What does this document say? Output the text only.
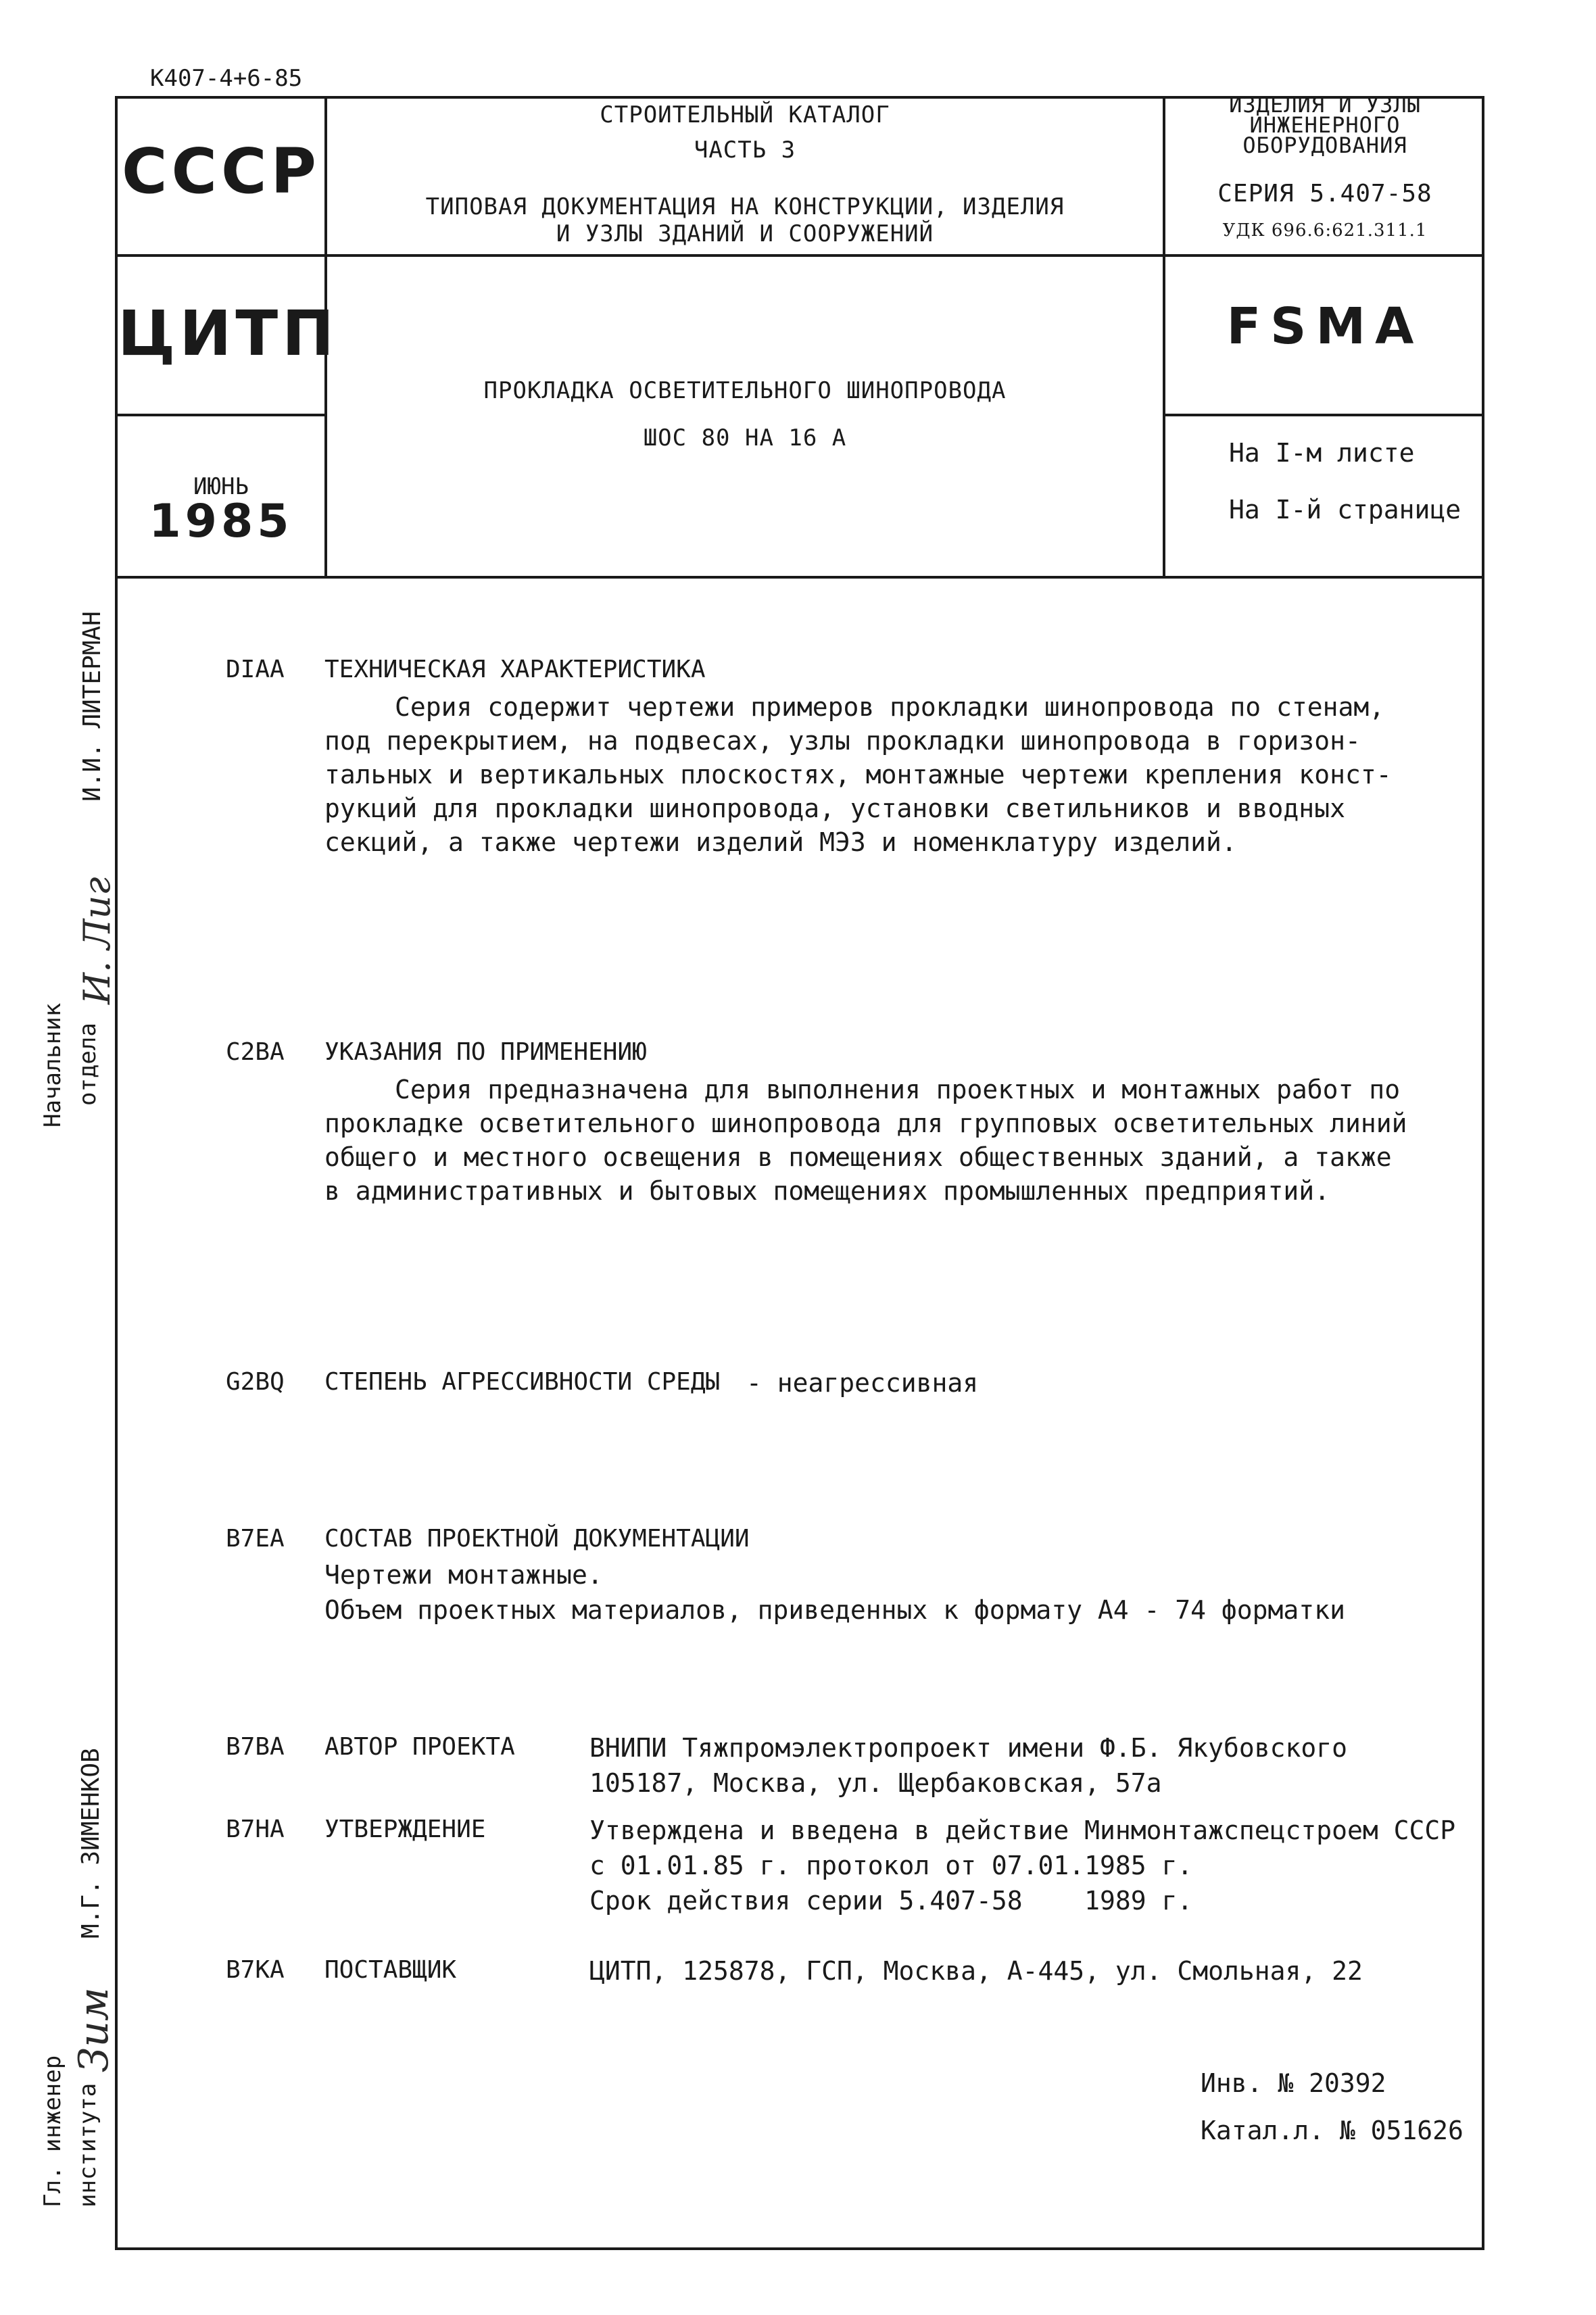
К407-4+6-85
СССР
ЦИТП
ИЮНЬ
1985
СТРОИТЕЛЬНЫЙ КАТАЛОГ
ЧАСТЬ 3
ТИПОВАЯ ДОКУМЕНТАЦИЯ НА КОНСТРУКЦИИ, ИЗДЕЛИЯ
И УЗЛЫ ЗДАНИЙ И СООРУЖЕНИЙ
ПРОКЛАДКА ОСВЕТИТЕЛЬНОГО ШИНОПРОВОДА
ШОС 80 НА 16 А
ИЗДЕЛИЯ И УЗЛЫ
ИНЖЕНЕРНОГО
ОБОРУДОВАНИЯ
СЕРИЯ 5.407-58
УДК 696.6:621.311.1
FSMA
На I-м листе
На I-й странице
DIAA ТЕХНИЧЕСКАЯ ХАРАКТЕРИСТИКА
Серия содержит чертежи примеров прокладки шинопровода по стенам,
под перекрытием, на подвесах, узлы прокладки шинопровода в горизон-
тальных и вертикальных плоскостях, монтажные чертежи крепления конст-
рукций для прокладки шинопровода, установки светильников и вводных
секций, а также чертежи изделий МЭЗ и номенклатуру изделий.
C2BA УКАЗАНИЯ ПО ПРИМЕНЕНИЮ
Серия предназначена для выполнения проектных и монтажных работ по
прокладке осветительного шинопровода для групповых осветительных линий
общего и местного освещения в помещениях общественных зданий, а также
в административных и бытовых помещениях промышленных предприятий.
G2BQ СТЕПЕНЬ АГРЕССИВНОСТИ СРЕДЫ - неагрессивная
B7EA СОСТАВ ПРОЕКТНОЙ ДОКУМЕНТАЦИИ
Чертежи монтажные.
Объем проектных материалов, приведенных к формату А4 - 74 форматки
B7BA АВТОР ПРОЕКТА	ВНИПИ Тяжпромэлектропроект имени Ф.Б. Якубовского
105187, Москва, ул. Щербаковская, 57а
B7HA УТВЕРЖДЕНИЕ	Утверждена и введена в действие Минмонтажспецстроем СССР
с 01.01.85 г. протокол от 07.01.1985 г.
Срок действия серии 5.407-58    1989 г.
B7KA ПОСТАВЩИК	ЦИТП, 125878, ГСП, Москва, А-445, ул. Смольная, 22
Инв. № 20392
Катал.л. № 051626
Начальник отдела
И. Лиг
И.И. ЛИТЕРМАН
Гл. инженер института
Зим
М.Г. ЗИМЕНКОВ
